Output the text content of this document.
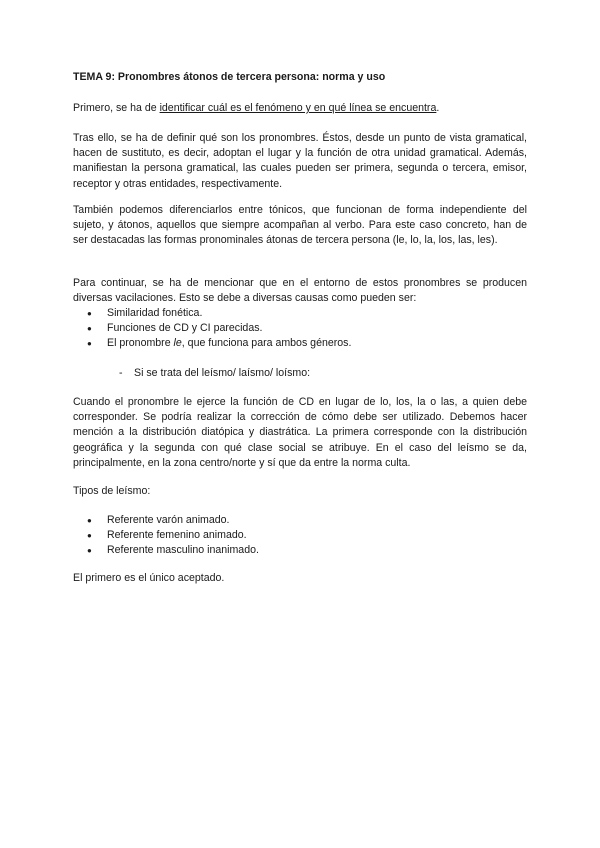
TEMA 9: Pronombres átonos de tercera persona: norma y uso

Primero, se ha de identificar cuál es el fenómeno y en qué línea se encuentra.

Tras ello, se ha de definir qué son los pronombres. Éstos, desde un punto de vista gramatical, hacen de sustituto, es decir, adoptan el lugar y la función de otra unidad gramatical. Además, manifiestan la persona gramatical, las cuales pueden ser primera, segunda o tercera, emisor, receptor y otras entidades, respectivamente.

También podemos diferenciarlos entre tónicos, que funcionan de forma independiente del sujeto, y átonos, aquellos que siempre acompañan al verbo. Para este caso concreto, han de ser destacadas las formas pronominales átonas de tercera persona (le, lo, la, los, las, les).

Para continuar, se ha de mencionar que en el entorno de estos pronombres se producen diversas vacilaciones. Esto se debe a diversas causas como pueden ser:

● Similaridad fonética.
● Funciones de CD y CI parecidas.
● El pronombre le, que funciona para ambos géneros.
- Si se trata del leísmo/ laísmo/ loísmo:

Cuando el pronombre le ejerce la función de CD en lugar de lo, los, la o las, a quien debe corresponder. Se podría realizar la corrección de cómo debe ser utilizado. Debemos hacer mención a la distribución diatópica y diastrática. La primera corresponde con la distribución geográfica y la segunda con qué clase social se atribuye. En el caso del leísmo se da, principalmente, en la zona centro/norte y sí que da entre la norma culta.

Tipos de leísmo:

● Referente varón animado.
● Referente femenino animado.
● Referente masculino inanimado.

El primero es el único aceptado.
